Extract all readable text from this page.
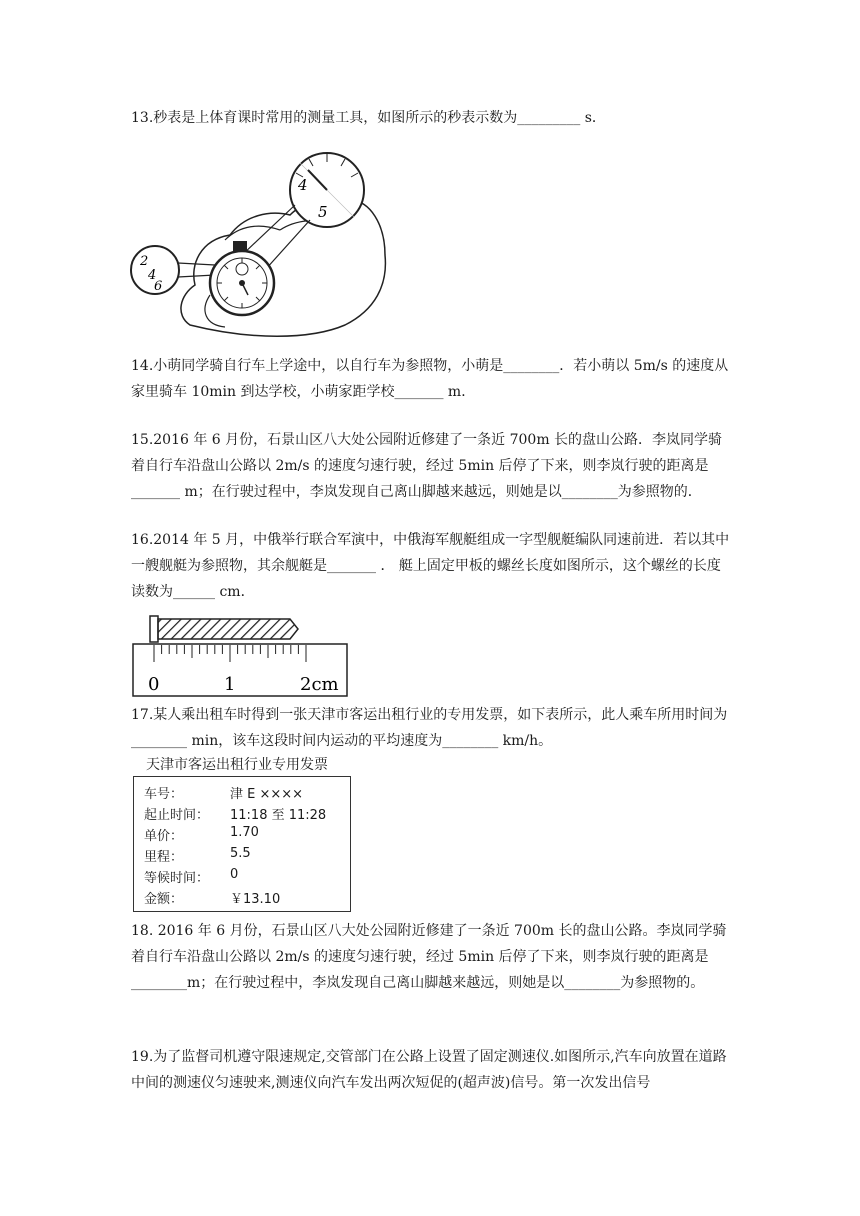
13.秒表是上体育课时常用的测量工具，如图所示的秒表示数为_________ s．

4
5
2
4
6

14.小萌同学骑自行车上学途中，以自行车为参照物，小萌是________．若小萌以 5m/s 的速度从家里骑车 10min 到达学校，小萌家距学校_______ m．

15.2016 年 6 月份，石景山区八大处公园附近修建了一条近 700m 长的盘山公路．李岚同学骑着自行车沿盘山公路以 2m/s 的速度匀速行驶，经过 5min 后停了下来，则李岚行驶的距离是_______ m；在行驶过程中，李岚发现自己离山脚越来越远，则她是以________为参照物的．

16.2014 年 5 月，中俄举行联合军演中，中俄海军舰艇组成一字型舰艇编队同速前进．若以其中一艘舰艇为参照物，其余舰艇是_______ ． 艇上固定甲板的螺丝长度如图所示，这个螺丝的长度读数为______ cm．

0	1	2cm

17.某人乘出租车时得到一张天津市客运出租行业的专用发票，如下表所示，此人乘车所用时间为________ min，该车这段时间内运动的平均速度为________ km/h。

天津市客运出租行业专用发票
车号：	津 E ××××
起止时间： 11:18 至 11:28
单价：	1.70
里程：	5.5
等候时间： 0
金额：	￥13.10

18. 2016 年 6 月份，石景山区八大处公园附近修建了一条近 700m 长的盘山公路。李岚同学骑着自行车沿盘山公路以 2m/s 的速度匀速行驶，经过 5min 后停了下来，则李岚行驶的距离是________m；在行驶过程中，李岚发现自己离山脚越来越远，则她是以________为参照物的。

19.为了监督司机遵守限速规定,交管部门在公路上设置了固定测速仪.如图所示,汽车向放置在道路中间的测速仪匀速驶来,测速仪向汽车发出两次短促的(超声波)信号。第一次发出信号
